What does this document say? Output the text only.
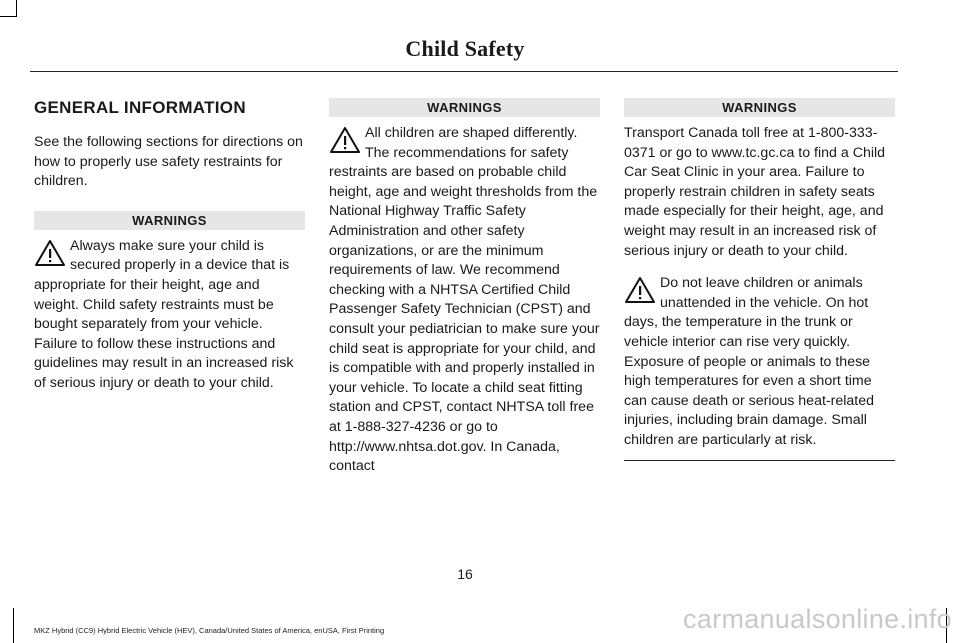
Child Safety
GENERAL INFORMATION

See the following sections for directions on how to properly use safety restraints for children.

WARNINGS

Always make sure your child is secured properly in a device that is appropriate for their height, age and weight. Child safety restraints must be bought separately from your vehicle. Failure to follow these instructions and guidelines may result in an increased risk of serious injury or death to your child.

WARNINGS

All children are shaped differently. The recommendations for safety restraints are based on probable child height, age and weight thresholds from the National Highway Traffic Safety Administration and other safety organizations, or are the minimum requirements of law. We recommend checking with a NHTSA Certified Child Passenger Safety Technician (CPST) and consult your pediatrician to make sure your child seat is appropriate for your child, and is compatible with and properly installed in your vehicle. To locate a child seat fitting station and CPST, contact NHTSA toll free at 1-888-327-4236 or go to http://www.nhtsa.dot.gov. In Canada, contact

WARNINGS

Transport Canada toll free at 1-800-333-0371 or go to www.tc.gc.ca to find a Child Car Seat Clinic in your area. Failure to properly restrain children in safety seats made especially for their height, age, and weight may result in an increased risk of serious injury or death to your child.

Do not leave children or animals unattended in the vehicle. On hot days, the temperature in the trunk or vehicle interior can rise very quickly. Exposure of people or animals to these high temperatures for even a short time can cause death or serious heat-related injuries, including brain damage. Small children are particularly at risk.

16
MKZ Hybrid (CC9) Hybrid Electric Vehicle (HEV), Canada/United States of America, enUSA, First Printing	carmanualsonline.info
